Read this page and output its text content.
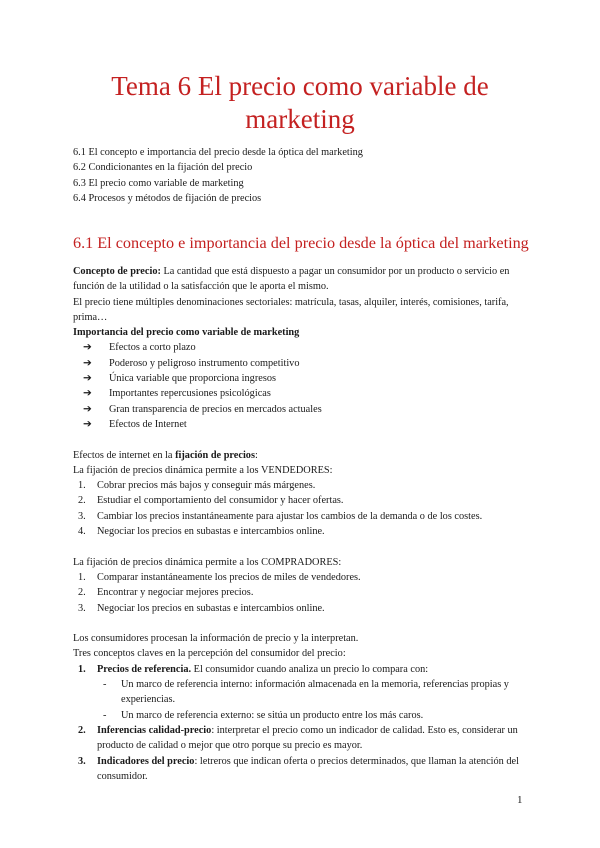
Tema 6 El precio como variable de marketing
6.1 El concepto e importancia del precio desde la óptica del marketing
6.2 Condicionantes en la fijación del precio
6.3 El precio como variable de marketing
6.4 Procesos y métodos de fijación de precios
6.1 El concepto e importancia del precio desde la óptica del marketing

Concepto de precio: La cantidad que está dispuesto a pagar un consumidor por un producto o servicio en función de la utilidad o la satisfacción que le aporta el mismo.

El precio tiene múltiples denominaciones sectoriales: matrícula, tasas, alquiler, interés, comisiones, tarifa, prima…

Importancia del precio como variable de marketing

➔ Efectos a corto plazo
➔ Poderoso y peligroso instrumento competitivo
➔ Única variable que proporciona ingresos
➔ Importantes repercusiones psicológicas
➔ Gran transparencia de precios en mercados actuales
➔ Efectos de Internet

Efectos de internet en la fijación de precios:

La fijación de precios dinámica permite a los VENDEDORES:

1. Cobrar precios más bajos y conseguir más márgenes.
2. Estudiar el comportamiento del consumidor y hacer ofertas.
3. Cambiar los precios instantáneamente para ajustar los cambios de la demanda o de los costes.
4. Negociar los precios en subastas e intercambios online.

La fijación de precios dinámica permite a los COMPRADORES:

1. Comparar instantáneamente los precios de miles de vendedores.
2. Encontrar y negociar mejores precios.
3. Negociar los precios en subastas e intercambios online.

Los consumidores procesan la información de precio y la interpretan.

Tres conceptos claves en la percepción del consumidor del precio:

1. Precios de referencia. El consumidor cuando analiza un precio lo compara con:
- Un marco de referencia interno: información almacenada en la memoria, referencias propias y experiencias.
- Un marco de referencia externo: se sitúa un producto entre los más caros.
2. Inferencias calidad-precio: interpretar el precio como un indicador de calidad. Esto es, considerar un producto de calidad o mejor que otro porque su precio es mayor.
3. Indicadores del precio: letreros que indican oferta o precios determinados, que llaman la atención del consumidor.
1
